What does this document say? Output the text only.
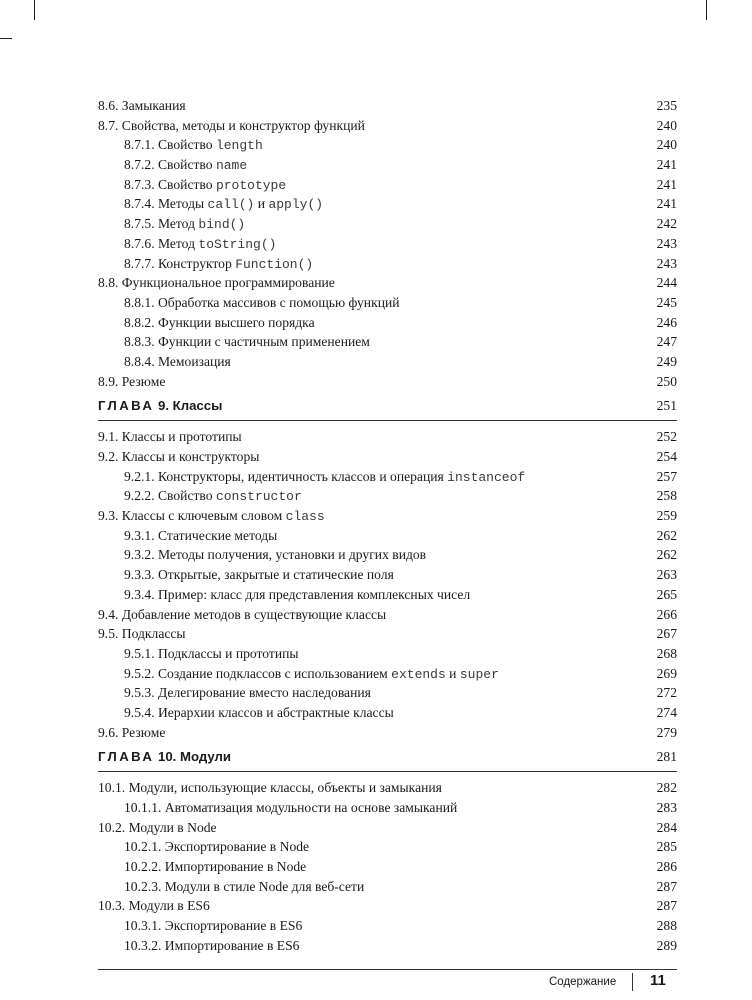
8.6. Замыкания	235
8.7. Свойства, методы и конструктор функций	240
8.7.1. Свойство length	240
8.7.2. Свойство name	241
8.7.3. Свойство prototype	241
8.7.4. Методы call() и apply()	241
8.7.5. Метод bind()	242
8.7.6. Метод toString()	243
8.7.7. Конструктор Function()	243
8.8. Функциональное программирование	244
8.8.1. Обработка массивов с помощью функций	245
8.8.2. Функции высшего порядка	246
8.8.3. Функции с частичным применением	247
8.8.4. Мемоизация	249
8.9. Резюме	250
ГЛАВА 9. Классы	251
9.1. Классы и прототипы	252
9.2. Классы и конструкторы	254
9.2.1. Конструкторы, идентичность классов и операция instanceof	257
9.2.2. Свойство constructor	258
9.3. Классы с ключевым словом class	259
9.3.1. Статические методы	262
9.3.2. Методы получения, установки и других видов	262
9.3.3. Открытые, закрытые и статические поля	263
9.3.4. Пример: класс для представления комплексных чисел	265
9.4. Добавление методов в существующие классы	266
9.5. Подклассы	267
9.5.1. Подклассы и прототипы	268
9.5.2. Создание подклассов с использованием extends и super	269
9.5.3. Делегирование вместо наследования	272
9.5.4. Иерархии классов и абстрактные классы	274
9.6. Резюме	279
ГЛАВА 10. Модули	281
10.1. Модули, использующие классы, объекты и замыкания	282
10.1.1. Автоматизация модульности на основе замыканий	283
10.2. Модули в Node	284
10.2.1. Экспортирование в Node	285
10.2.2. Импортирование в Node	286
10.2.3. Модули в стиле Node для веб-сети	287
10.3. Модули в ES6	287
10.3.1. Экспортирование в ES6	288
10.3.2. Импортирование в ES6	289
Содержание 11
